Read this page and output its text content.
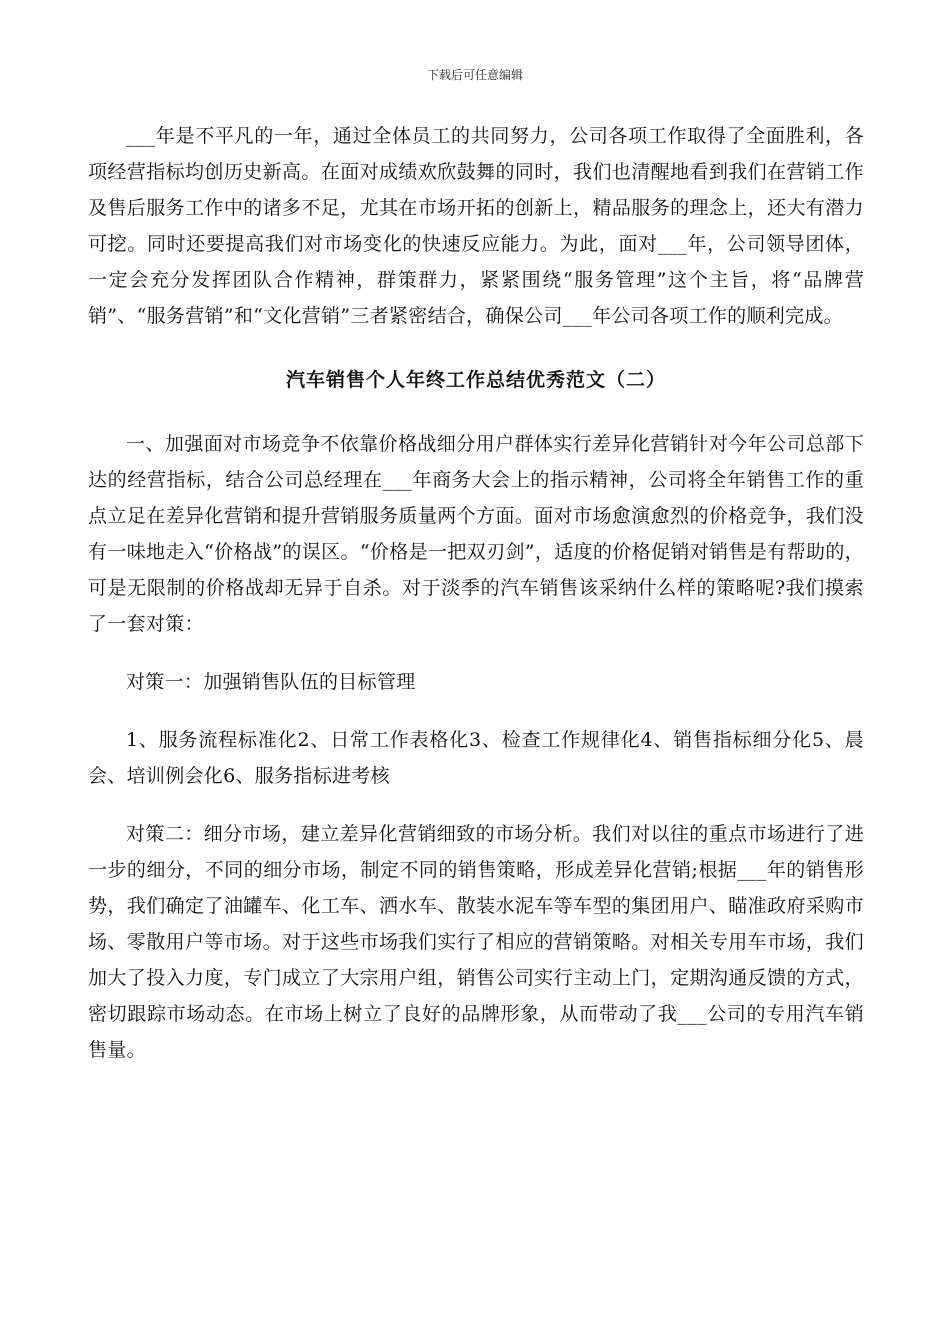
下载后可任意编辑

___年是不平凡的一年，通过全体员工的共同努力，公司各项工作取得了全面胜利，各项经营指标均创历史新高。在面对成绩欢欣鼓舞的同时，我们也清醒地看到我们在营销工作及售后服务工作中的诸多不足，尤其在市场开拓的创新上，精品服务的理念上，还大有潜力可挖。同时还要提高我们对市场变化的快速反应能力。为此，面对___年，公司领导团体，一定会充分发挥团队合作精神，群策群力，紧紧围绕“服务管理”这个主旨，将“品牌营销”、“服务营销”和“文化营销”三者紧密结合，确保公司___年公司各项工作的顺利完成。

汽车销售个人年终工作总结优秀范文（二）

一、加强面对市场竞争不依靠价格战细分用户群体实行差异化营销针对今年公司总部下达的经营指标，结合公司总经理在___年商务大会上的指示精神，公司将全年销售工作的重点立足在差异化营销和提升营销服务质量两个方面。面对市场愈演愈烈的价格竞争，我们没有一味地走入“价格战”的误区。“价格是一把双刃剑”，适度的价格促销对销售是有帮助的，可是无限制的价格战却无异于自杀。对于淡季的汽车销售该采纳什么样的策略呢?我们摸索了一套对策：

对策一：加强销售队伍的目标管理

1、服务流程标准化2、日常工作表格化3、检查工作规律化4、销售指标细分化5、晨会、培训例会化6、服务指标进考核

对策二：细分市场，建立差异化营销细致的市场分析。我们对以往的重点市场进行了进一步的细分，不同的细分市场，制定不同的销售策略，形成差异化营销;根据___年的销售形势，我们确定了油罐车、化工车、洒水车、散装水泥车等车型的集团用户、瞄准政府采购市场、零散用户等市场。对于这些市场我们实行了相应的营销策略。对相关专用车市场，我们加大了投入力度，专门成立了大宗用户组，销售公司实行主动上门，定期沟通反馈的方式，密切跟踪市场动态。在市场上树立了良好的品牌形象，从而带动了我___公司的专用汽车销售量。
